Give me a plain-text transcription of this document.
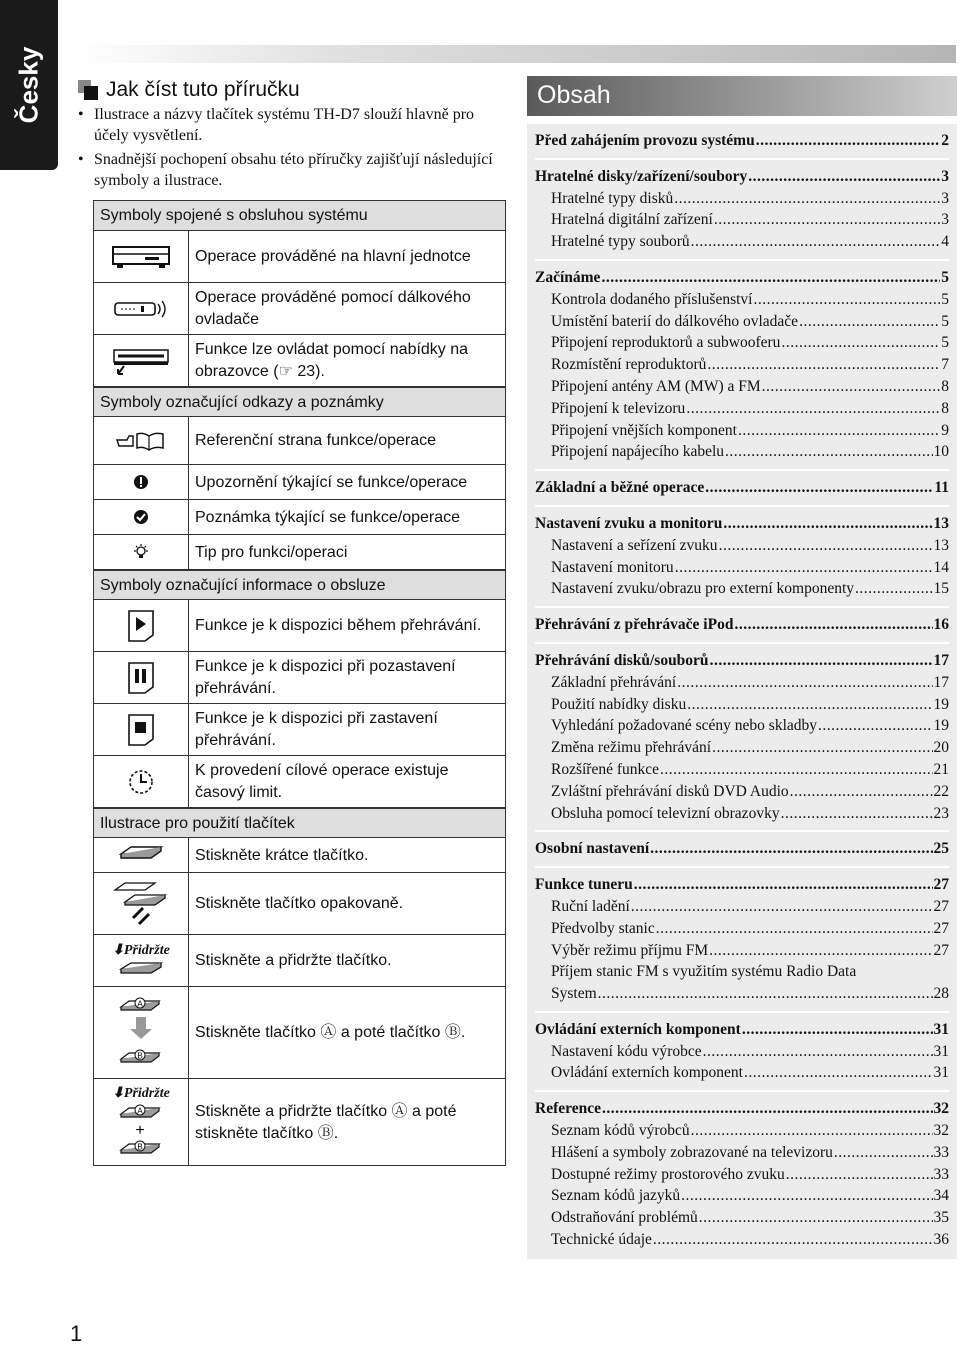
Česky	Jak číst tuto příručku
• Ilustrace a názvy tlačítek systému TH-D7 slouží hlavně pro účely vysvětlení.
• Snadnější pochopení obsahu této příručky zajišťují následující symboly a ilustrace.
Symboly spojené s obsluhou systému
Operace prováděné na hlavní jednotce
Operace prováděné pomocí dálkového ovladače
Funkce lze ovládat pomocí nabídky na obrazovce (☞ 23).
Symboly označující odkazy a poznámky
Referenční strana funkce/operace
Upozornění týkající se funkce/operace
Poznámka týkající se funkce/operace
Tip pro funkci/operaci
Symboly označující informace o obsluze
Funkce je k dispozici během přehrávání.
Funkce je k dispozici při pozastavení přehrávání.
Funkce je k dispozici při zastavení přehrávání.
K provedení cílové operace existuje časový limit.
Ilustrace pro použití tlačítek
Stiskněte krátce tlačítko.
Stiskněte tlačítko opakovaně.
⬇Přidržte
Stiskněte a přidržte tlačítko.
A
B
Stiskněte tlačítko Ⓐ a poté tlačítko Ⓑ.
⬇Přidržte
A
+
B
Stiskněte a přidržte tlačítko Ⓐ a poté stiskněte tlačítko Ⓑ.
Obsah
Před zahájením provozu systému .....	2
Hratelné disky/zařízení/soubory .....	3
Hratelné typy disků .....	3
Hratelná digitální zařízení .....	3
Hratelné typy souborů .....	4
Začínáme .....	5
Kontrola dodaného příslušenství .....	5
Umístění baterií do dálkového ovladače .....	5
Připojení reproduktorů a subwooferu .....	5
Rozmístění reproduktorů .....	7
Připojení antény AM (MW) a FM .....	8
Připojení k televizoru .....	8
Připojení vnějších komponent .....	9
Připojení napájecího kabelu .....	10
Základní a běžné operace .....	11
Nastavení zvuku a monitoru .....	13
Nastavení a seřízení zvuku .....	13
Nastavení monitoru .....	14
Nastavení zvuku/obrazu pro externí komponenty .....	15
Přehrávání z přehrávače iPod .....	16
Přehrávání disků/souborů .....	17
Základní přehrávání .....	17
Použití nabídky disku .....	19
Vyhledání požadované scény nebo skladby .....	19
Změna režimu přehrávání .....	20
Rozšířené funkce .....	21
Zvláštní přehrávání disků DVD Audio .....	22
Obsluha pomocí televizní obrazovky .....	23
Osobní nastavení .....	25
Funkce tuneru .....	27
Ruční ladění .....	27
Předvolby stanic .....	27
Výběr režimu příjmu FM .....	27
Příjem stanic FM s využitím systému Radio Data
System .....	28
Ovládání externích komponent .....	31
Nastavení kódu výrobce .....	31
Ovládání externích komponent .....	31
Reference .....	32
Seznam kódů výrobců .....	32
Hlášení a symboly zobrazované na televizoru .....	33
Dostupné režimy prostorového zvuku .....	33
Seznam kódů jazyků .....	34
Odstraňování problémů .....	35
Technické údaje .....	36
1
